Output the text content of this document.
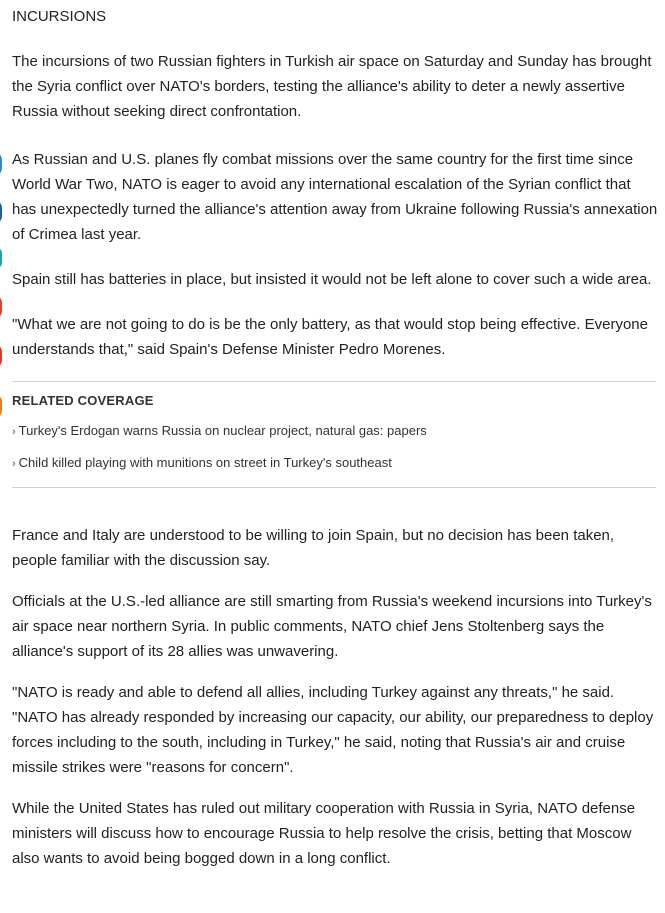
INCURSIONS

The incursions of two Russian fighters in Turkish air space on Saturday and Sunday has brought the Syria conflict over NATO's borders, testing the alliance's ability to deter a newly assertive Russia without seeking direct confrontation.

As Russian and U.S. planes fly combat missions over the same country for the first time since World War Two, NATO is eager to avoid any international escalation of the Syrian conflict that has unexpectedly turned the alliance's attention away from Ukraine following Russia's annexation of Crimea last year.

Spain still has batteries in place, but insisted it would not be left alone to cover such a wide area.

"What we are not going to do is be the only battery, as that would stop being effective. Everyone understands that," said Spain's Defense Minister Pedro Morenes.

RELATED COVERAGE
› Turkey's Erdogan warns Russia on nuclear project, natural gas: papers
› Child killed playing with munitions on street in Turkey's southeast

France and Italy are understood to be willing to join Spain, but no decision has been taken, people familiar with the discussion say.

Officials at the U.S.-led alliance are still smarting from Russia's weekend incursions into Turkey's air space near northern Syria. In public comments, NATO chief Jens Stoltenberg says the alliance's support of its 28 allies was unwavering.

"NATO is ready and able to defend all allies, including Turkey against any threats," he said. "NATO has already responded by increasing our capacity, our ability, our preparedness to deploy forces including to the south, including in Turkey," he said, noting that Russia's air and cruise missile strikes were "reasons for concern".

While the United States has ruled out military cooperation with Russia in Syria, NATO defense ministers will discuss how to encourage Russia to help resolve the crisis, betting that Moscow also wants to avoid being bogged down in a long conflict.
